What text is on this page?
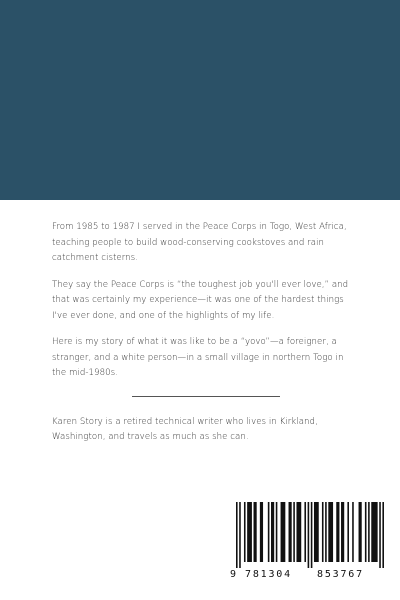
From 1985 to 1987 I served in the Peace Corps in Togo, West Africa, teaching people to build wood-conserving cookstoves and rain catchment cisterns.

They say the Peace Corps is “the toughest job you'll ever love,” and that was certainly my experience—it was one of the hardest things I've ever done, and one of the highlights of my life.

Here is my story of what it was like to be a “yovo”—a foreigner, a stranger, and a white person—in a small village in northern Togo in the mid-1980s.

Karen Story is a retired technical writer who lives in Kirkland, Washington, and travels as much as she can.

9 781304	853767
